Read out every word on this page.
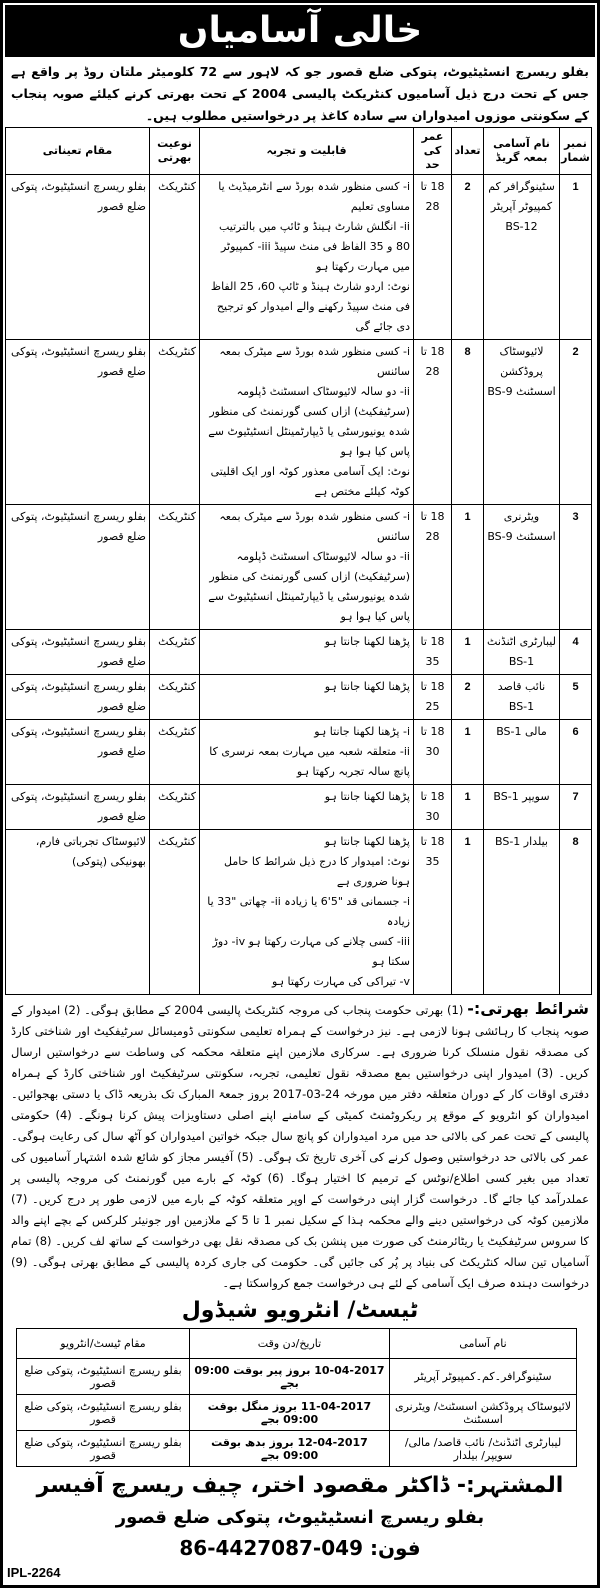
خالی آسامیاں
بفلو ریسرچ انسٹیٹیوٹ، پتوکی ضلع قصور جو کہ لاہور سے 72 کلومیٹر ملتان روڈ پر واقع ہے جس کے تحت درج ذیل آسامیوں کنٹریکٹ پالیسی 2004 کے تحت بھرتی کرنے کیلئے صوبہ پنجاب کے سکونتی موزوں امیدواران سے سادہ کاغذ پر درخواستیں مطلوب ہیں۔
نمبر شمار	نام آسامی بمعہ گریڈ	تعداد	عمر کی حد	قابلیت و تجربہ	نوعیت بھرتی	مقام تعیناتی
1	سٹینوگرافر کم کمپیوٹر آپریٹر BS-12	2	18 تا 28	i- کسی منظور شدہ بورڈ سے انٹرمیڈیٹ یا مساوی تعلیم
ii- انگلش شارٹ ہینڈ و ٹائپ میں بالترتیب 80 و 35 الفاظ فی منٹ سپیڈ iii- کمپیوٹر میں مہارت رکھتا ہو
نوٹ: اردو شارٹ ہینڈ و ٹائپ 60، 25 الفاظ فی منٹ سپیڈ رکھنے والے امیدوار کو ترجیح دی جائے گی	کنٹریکٹ	بفلو ریسرچ انسٹیٹیوٹ، پتوکی ضلع قصور
2	لائیوسٹاک پروڈکشن اسسٹنٹ BS-9	8	18 تا 28	i- کسی منظور شدہ بورڈ سے میٹرک بمعہ سائنس
ii- دو سالہ لائیوسٹاک اسسٹنٹ ڈپلومہ (سرٹیفکیٹ) ازاں کسی گورنمنٹ کی منظور شدہ یونیورسٹی یا ڈیپارٹمینٹل انسٹیٹیوٹ سے پاس کیا ہوا ہو
نوٹ: ایک آسامی معذور کوٹہ اور ایک اقلیتی کوٹہ کیلئے مختص ہے	کنٹریکٹ	بفلو ریسرچ انسٹیٹیوٹ، پتوکی ضلع قصور
3	ویٹرنری اسسٹنٹ BS-9	1	18 تا 28	i- کسی منظور شدہ بورڈ سے میٹرک بمعہ سائنس
ii- دو سالہ لائیوسٹاک اسسٹنٹ ڈپلومہ (سرٹیفکیٹ) ازاں کسی گورنمنٹ کی منظور شدہ یونیورسٹی یا ڈیپارٹمینٹل انسٹیٹیوٹ سے پاس کیا ہوا ہو	کنٹریکٹ	بفلو ریسرچ انسٹیٹیوٹ، پتوکی ضلع قصور
4	لیبارٹری اٹنڈنٹ BS-1	1	18 تا 35	پڑھنا لکھنا جانتا ہو	کنٹریکٹ	بفلو ریسرچ انسٹیٹیوٹ، پتوکی ضلع قصور
5	نائب قاصد BS-1	2	18 تا 25	پڑھنا لکھنا جانتا ہو	کنٹریکٹ	بفلو ریسرچ انسٹیٹیوٹ، پتوکی ضلع قصور
6	مالی BS-1	1	18 تا 30	i- پڑھنا لکھنا جانتا ہو
ii- متعلقہ شعبہ میں مہارت بمعہ نرسری کا پانچ سالہ تجربہ رکھتا ہو	کنٹریکٹ	بفلو ریسرچ انسٹیٹیوٹ، پتوکی ضلع قصور
7	سویپر BS-1	1	18 تا 30	پڑھنا لکھنا جانتا ہو	کنٹریکٹ	بفلو ریسرچ انسٹیٹیوٹ، پتوکی ضلع قصور
8	بیلدار BS-1	1	18 تا 35	پڑھنا لکھنا جانتا ہو
نوٹ: امیدوار کا درج ذیل شرائط کا حامل ہونا ضروری ہے
i- جسمانی قد "5'6 یا زیادہ ii- چھاتی "33 یا زیادہ
iii- کسی چلانے کی مہارت رکھتا ہو iv- دوڑ سکتا ہو
v- تیراکی کی مہارت رکھتا ہو	کنٹریکٹ	لائیوسٹاک تجرباتی فارم، بھونیکی (پتوکی)
شرائط بھرتی:- (1) بھرتی حکومت پنجاب کی مروجہ کنٹریکٹ پالیسی 2004 کے مطابق ہوگی۔ (2) امیدوار کے صوبہ پنجاب کا رہائشی ہونا لازمی ہے۔ نیز درخواست کے ہمراہ تعلیمی سکونتی ڈومیسائل سرٹیفکیٹ اور شناختی کارڈ کی مصدقہ نقول منسلک کرنا ضروری ہے۔ سرکاری ملازمین اپنے متعلقہ محکمہ کی وساطت سے درخواستیں ارسال کریں۔ (3) امیدوار اپنی درخواستیں بمع مصدقہ نقول تعلیمی، تجربہ، سکونتی سرٹیفکیٹ اور شناختی کارڈ کے ہمراہ دفتری اوقات کار کے دوران متعلقہ دفتر میں مورخہ 24-03-2017 بروز جمعۃ المبارک تک بذریعہ ڈاک یا دستی بھجوائیں۔ امیدواران کو انٹرویو کے موقع پر ریکروٹمنٹ کمیٹی کے سامنے اپنے اصلی دستاویزات پیش کرنا ہونگے۔ (4) حکومتی پالیسی کے تحت عمر کی بالائی حد میں مرد امیدواران کو پانچ سال جبکہ خواتین امیدواران کو آٹھ سال کی رعایت ہوگی۔ عمر کی بالائی حد درخواستیں وصول کرنے کی آخری تاریخ تک ہوگی۔ (5) آفیسر مجاز کو شائع شدہ اشتہار آسامیوں کی تعداد میں بغیر کسی اطلاع/نوٹس کے ترمیم کا اختیار ہوگا۔ (6) کوٹہ کے بارے میں گورنمنٹ کی مروجہ پالیسی پر عملدرآمد کیا جائے گا۔ درخواست گزار اپنی درخواست کے اوپر متعلقہ کوٹہ کے بارے میں لازمی طور پر درج کریں۔ (7) ملازمین کوٹہ کی درخواستیں دینے والے محکمہ ہذا کے سکیل نمبر 1 تا 5 کے ملازمین اور جونیئر کلرکس کے بچے اپنے والد کا سروس سرٹیفکیٹ یا ریٹائرمنٹ کی صورت میں پنشن بک کی مصدقہ نقل بھی درخواست کے ساتھ لف کریں۔ (8) تمام آسامیاں تین سالہ کنٹریکٹ کی بنیاد پر پُر کی جائیں گی۔ حکومت کی جاری کردہ پالیسی کے مطابق بھرتی ہوگی۔ (9) درخواست دہندہ صرف ایک آسامی کے لئے ہی درخواست جمع کرواسکتا ہے۔
ٹیسٹ/ انٹرویو شیڈول
نام آسامی	تاریخ/دن وقت	مقام ٹیسٹ/انٹرویو
سٹینوگرافر۔کم۔کمپیوٹر آپریٹر	10-04-2017 بروز پیر بوقت 09:00 بجے	بفلو ریسرچ انسٹیٹیوٹ، پتوکی ضلع قصور
لائیوسٹاک پروڈکشن اسسٹنٹ/ ویٹرنری اسسٹنٹ	11-04-2017 بروز منگل بوقت 09:00 بجے	بفلو ریسرچ انسٹیٹیوٹ، پتوکی ضلع قصور
لیبارٹری اٹنڈنٹ/ نائب قاصد/ مالی/ سویپر/ بیلدار	12-04-2017 بروز بدھ بوقت 09:00 بجے	بفلو ریسرچ انسٹیٹیوٹ، پتوکی ضلع قصور
المشتہر:- ڈاکٹر مقصود اختر، چیف ریسرچ آفیسر
بفلو ریسرچ انسٹیٹیوٹ، پتوکی ضلع قصور
فون: 049-4427087-86
IPL-2264
